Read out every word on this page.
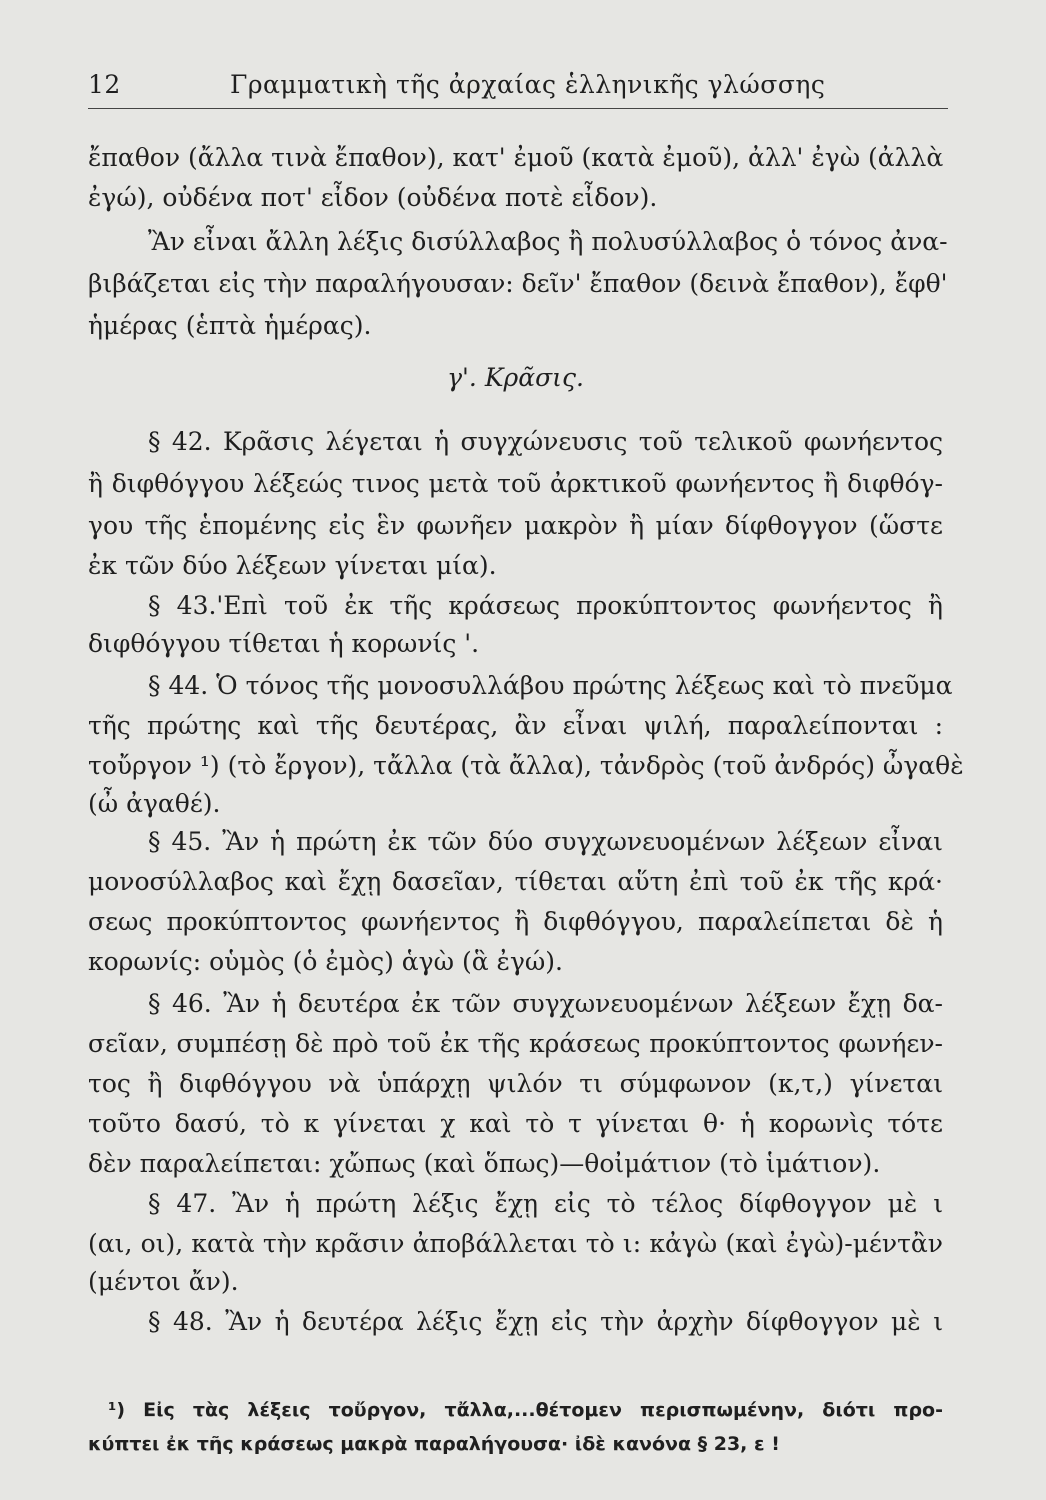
12	Γραμματικὴ τῆς ἀρχαίας ἑλληνικῆς γλώσσης
ἔπαθον (ἄλλα τινὰ ἔπαθον), κατ' ἐμοῦ (κατὰ ἐμοῦ), ἀλλ' ἐγὼ (ἀλλὰ
ἐγώ), οὐδένα ποτ' εἶδον (οὐδένα ποτὲ εἶδον).
Ἂν εἶναι ἄλλη λέξις δισύλλαβος ἢ πολυσύλλαβος ὁ τόνος ἀνα-
βιβάζεται εἰς τὴν παραλήγουσαν: δεῖν' ἔπαθον (δεινὰ ἔπαθον), ἔφθ'
ἡμέρας (ἑπτὰ ἡμέρας).
γ'. Κρᾶσις.
§ 42. Κρᾶσις λέγεται ἡ συγχώνευσις τοῦ τελικοῦ φωνήεντος
ἢ διφθόγγου λέξεώς τινος μετὰ τοῦ ἀρκτικοῦ φωνήεντος ἢ διφθόγ-
γου τῆς ἑπομένης εἰς ἓν φωνῆεν μακρὸν ἢ μίαν δίφθογγον (ὥστε
ἐκ τῶν δύο λέξεων γίνεται μία).
§ 43.'Επὶ τοῦ ἐκ τῆς κράσεως προκύπτοντος φωνήεντος ἢ
διφθόγγου τίθεται ἡ κορωνίς '.
§ 44. Ὁ τόνος τῆς μονοσυλλάβου πρώτης λέξεως καὶ τὸ πνεῦμα
τῆς πρώτης καὶ τῆς δευτέρας, ἂν εἶναι ψιλή, παραλείπονται :
τοὔργον ¹) (τὸ ἔργον), τἄλλα (τὰ ἄλλα), τἀνδρὸς (τοῦ ἀνδρός) ὦγαθὲ
(ὦ ἀγαθέ).
§ 45. Ἂν ἡ πρώτη ἐκ τῶν δύο συγχωνευομένων λέξεων εἶναι
μονοσύλλαβος καὶ ἔχῃ δασεῖαν, τίθεται αὕτη ἐπὶ τοῦ ἐκ τῆς κρά·
σεως προκύπτοντος φωνήεντος ἢ διφθόγγου, παραλείπεται δὲ ἡ
κορωνίς: οὑμὸς (ὁ ἐμὸς) ἁγὼ (ἃ ἐγώ).
§ 46. Ἂν ἡ δευτέρα ἐκ τῶν συγχωνευομένων λέξεων ἔχῃ δα-
σεῖαν, συμπέσῃ δὲ πρὸ τοῦ ἐκ τῆς κράσεως προκύπτοντος φωνήεν-
τος ἢ διφθόγγου νὰ ὑπάρχῃ ψιλόν τι σύμφωνον (κ,τ,) γίνεται
τοῦτο δασύ, τὸ κ γίνεται χ καὶ τὸ τ γίνεται θ· ἡ κορωνὶς τότε
δὲν παραλείπεται: χὤπως (καὶ ὅπως)—θοἰμάτιον (τὸ ἱμάτιον).
§ 47. Ἂν ἡ πρώτη λέξις ἔχῃ εἰς τὸ τέλος δίφθογγον μὲ ι
(αι, οι), κατὰ τὴν κρᾶσιν ἀποβάλλεται τὸ ι: κἀγὼ (καὶ ἐγὼ)-μέντἂν
(μέντοι ἄν).
§ 48. Ἂν ἡ δευτέρα λέξις ἔχῃ εἰς τὴν ἀρχὴν δίφθογγον μὲ ι
¹) Εἰς τὰς λέξεις τοὔργον, τἄλλα,...θέτομεν περισπωμένην, διότι προ-
κύπτει ἐκ τῆς κράσεως μακρὰ παραλήγουσα· ἰδὲ κανόνα § 23, ε !
